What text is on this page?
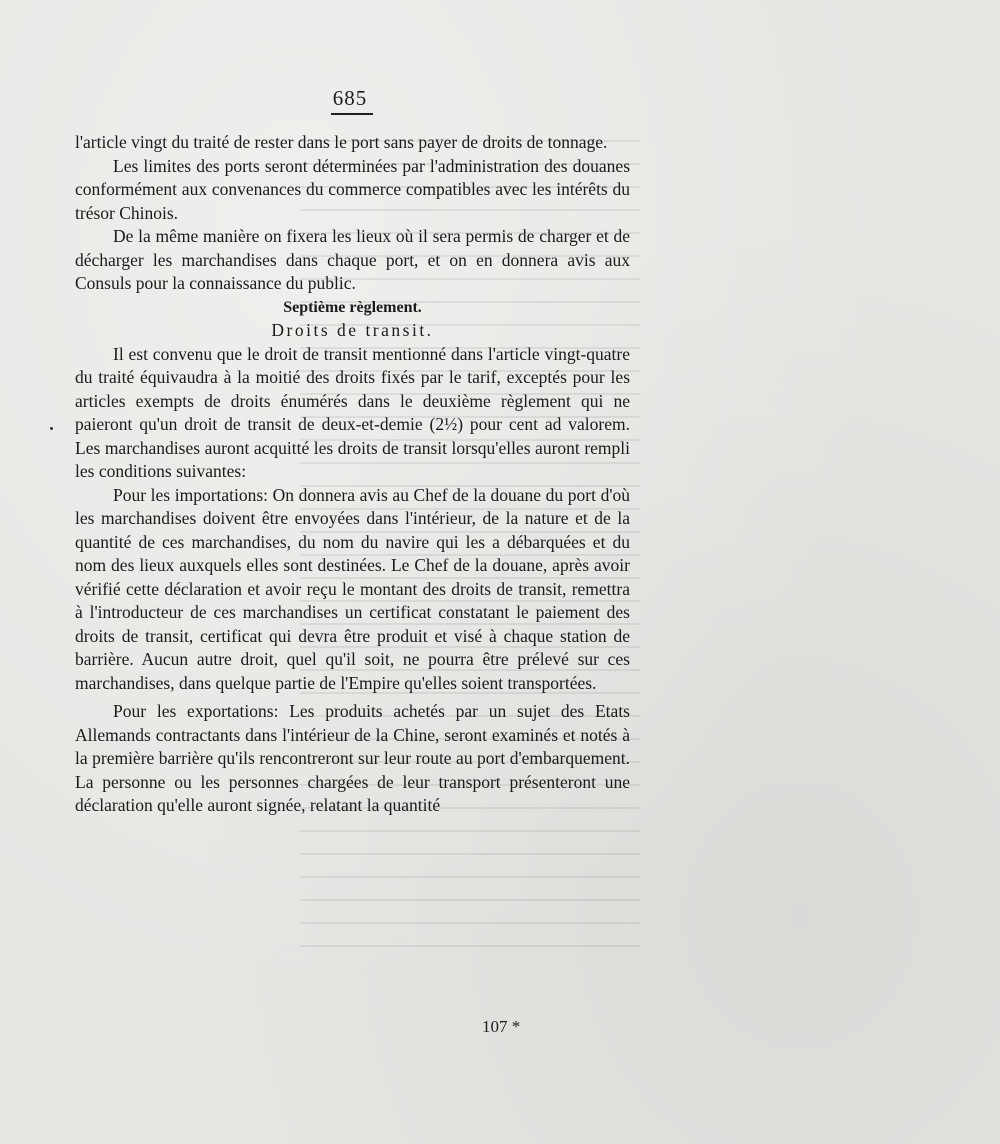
685

l'article vingt du traité de rester dans le port sans payer de droits de tonnage.

Les limites des ports seront déterminées par l'administration des douanes conformément aux convenances du commerce compatibles avec les intérêts du trésor Chinois.

De la même manière on fixera les lieux où il sera permis de charger et de décharger les marchandises dans chaque port, et on en donnera avis aux Consuls pour la connaissance du public.

Septième règlement.

Droits de transit.

Il est convenu que le droit de transit mentionné dans l'article vingt-quatre du traité équivaudra à la moitié des droits fixés par le tarif, exceptés pour les articles exempts de droits énumérés dans le deuxième règlement qui ne paieront qu'un droit de transit de deux-et-demie (2½) pour cent ad valorem. Les marchandises auront acquitté les droits de transit lorsqu'elles auront rempli les conditions suivantes:

Pour les importations: On donnera avis au Chef de la douane du port d'où les marchandises doivent être envoyées dans l'intérieur, de la nature et de la quantité de ces marchandises, du nom du navire qui les a débarquées et du nom des lieux auxquels elles sont destinées. Le Chef de la douane, après avoir vérifié cette déclaration et avoir reçu le montant des droits de transit, remettra à l'introducteur de ces marchandises un certificat constatant le paiement des droits de transit, certificat qui devra être produit et visé à chaque station de barrière. Aucun autre droit, quel qu'il soit, ne pourra être prélevé sur ces marchandises, dans quelque partie de l'Empire qu'elles soient transportées.

Pour les exportations: Les produits achetés par un sujet des Etats Allemands contractants dans l'intérieur de la Chine, seront examinés et notés à la première barrière qu'ils rencontreront sur leur route au port d'embarquement. La personne ou les personnes chargées de leur transport présenteront une déclaration qu'elle auront signée, relatant la quantité

107 *
